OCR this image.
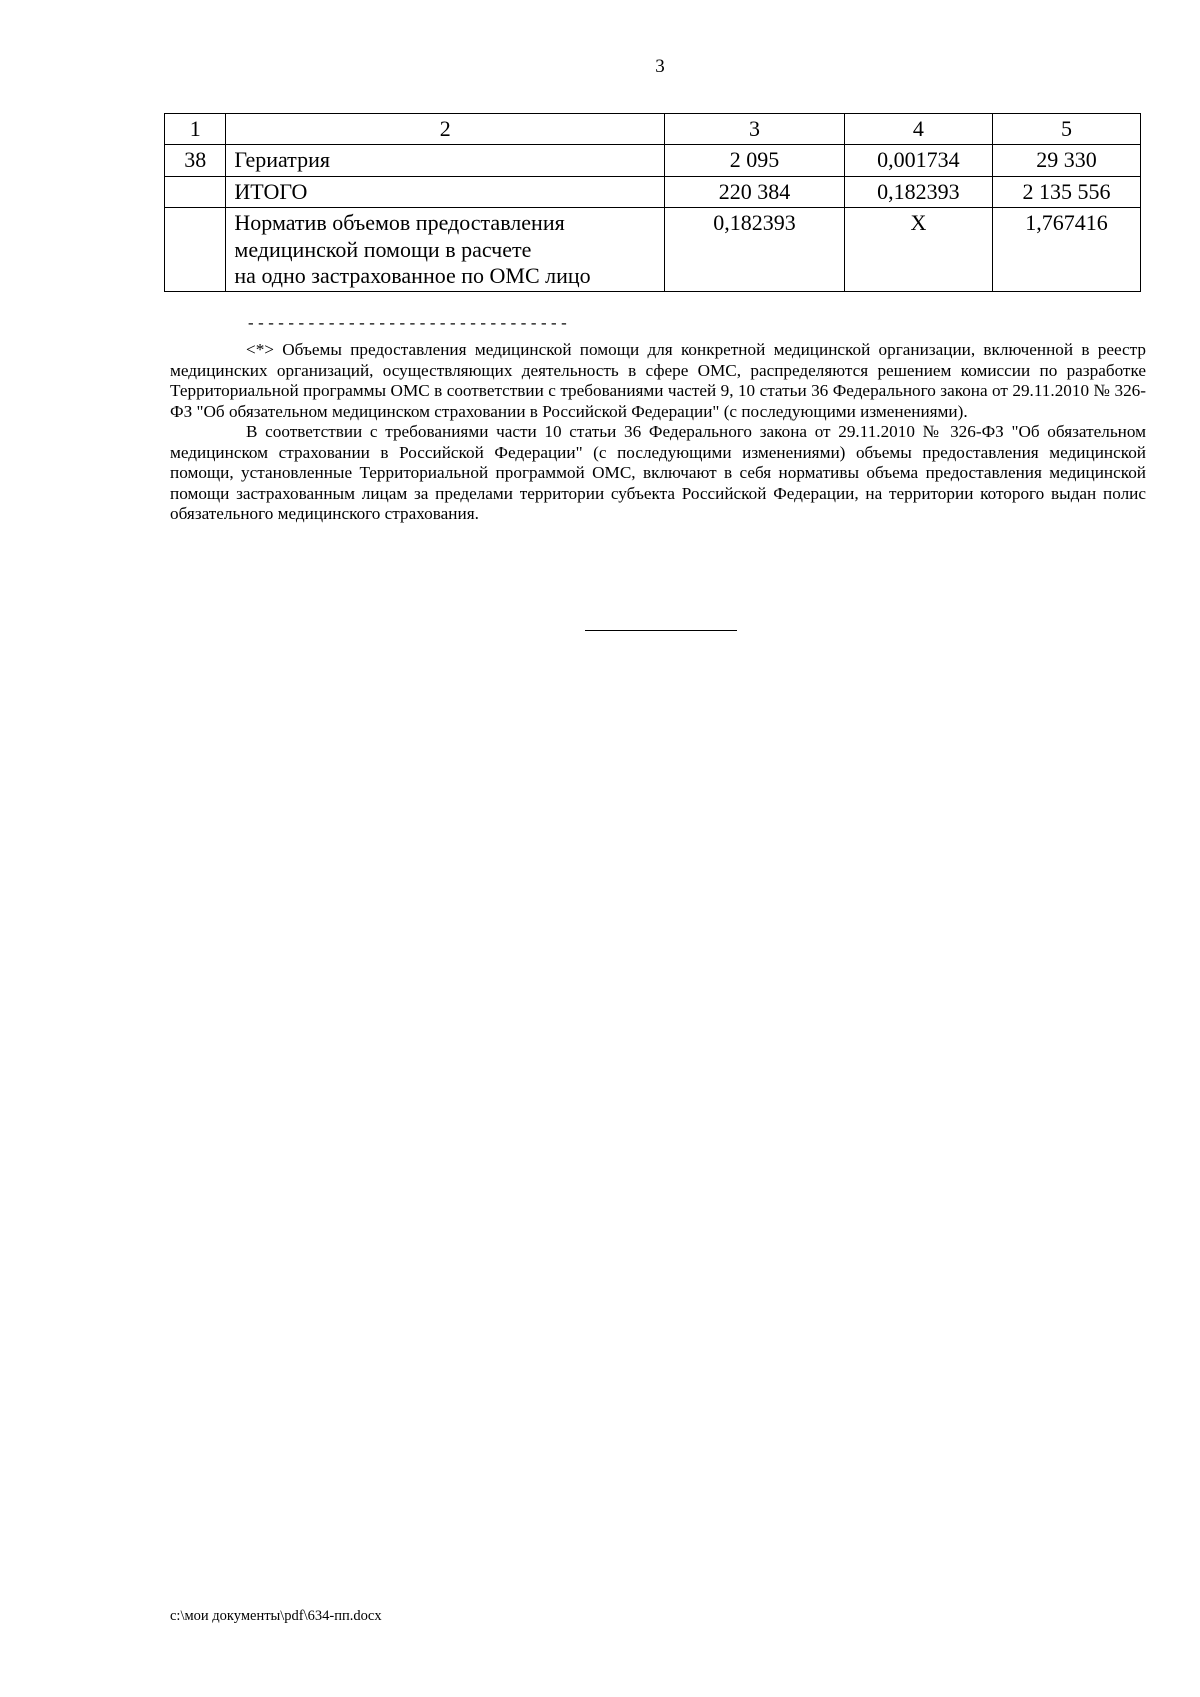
3
1	2	3	4	5
38	Гериатрия	2 095	0,001734	29 330
	ИТОГО	220 384	0,182393	2 135 556

	Норматив объемов предоставления
медицинской помощи в расчете
на одно застрахованное по ОМС лицо	0,182393	X	1,767416
--------------------------------

<*> Объемы предоставления медицинской помощи для конкретной медицинской организации, включенной в реестр медицинских организаций, осуществляющих деятельность в сфере ОМС, распределяются решением комиссии по разработке Территориальной программы ОМС в соответствии с требованиями частей 9, 10 статьи 36 Федерального закона от 29.11.2010 № 326-ФЗ "Об обязательном медицинском страховании в Российской Федерации" (с последующими изменениями).

В соответствии с требованиями части 10 статьи 36 Федерального закона от 29.11.2010 № 326-ФЗ "Об обязательном медицинском страховании в Российской Федерации" (с последующими изменениями) объемы предоставления медицинской помощи, установленные Территориальной программой ОМС, включают в себя нормативы объема предоставления медицинской помощи застрахованным лицам за пределами территории субъекта Российской Федерации, на территории которого выдан полис обязательного медицинского страхования.

c:\мои документы\pdf\634-пп.docx
